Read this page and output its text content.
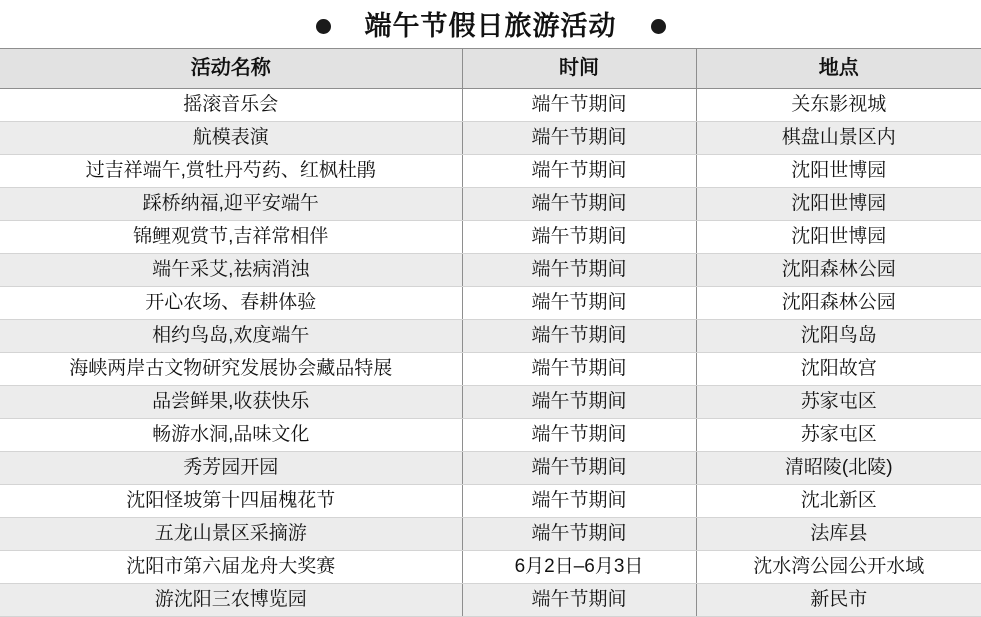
端午节假日旅游活动
活动名称	时间	地点
摇滚音乐会	端午节期间	关东影视城
航模表演	端午节期间	棋盘山景区内
过吉祥端午,赏牡丹芍药、红枫杜鹃	端午节期间	沈阳世博园
踩桥纳福,迎平安端午	端午节期间	沈阳世博园
锦鲤观赏节,吉祥常相伴	端午节期间	沈阳世博园
端午采艾,祛病消浊	端午节期间	沈阳森林公园
开心农场、春耕体验	端午节期间	沈阳森林公园
相约鸟岛,欢度端午	端午节期间	沈阳鸟岛
海峡两岸古文物研究发展协会藏品特展	端午节期间	沈阳故宫
品尝鲜果,收获快乐	端午节期间	苏家屯区
畅游水洞,品味文化	端午节期间	苏家屯区
秀芳园开园	端午节期间	清昭陵(北陵)
沈阳怪坡第十四届槐花节	端午节期间	沈北新区
五龙山景区采摘游	端午节期间	法库县
沈阳市第六届龙舟大奖赛	6月2日–6月3日	沈水湾公园公开水域
游沈阳三农博览园	端午节期间	新民市
